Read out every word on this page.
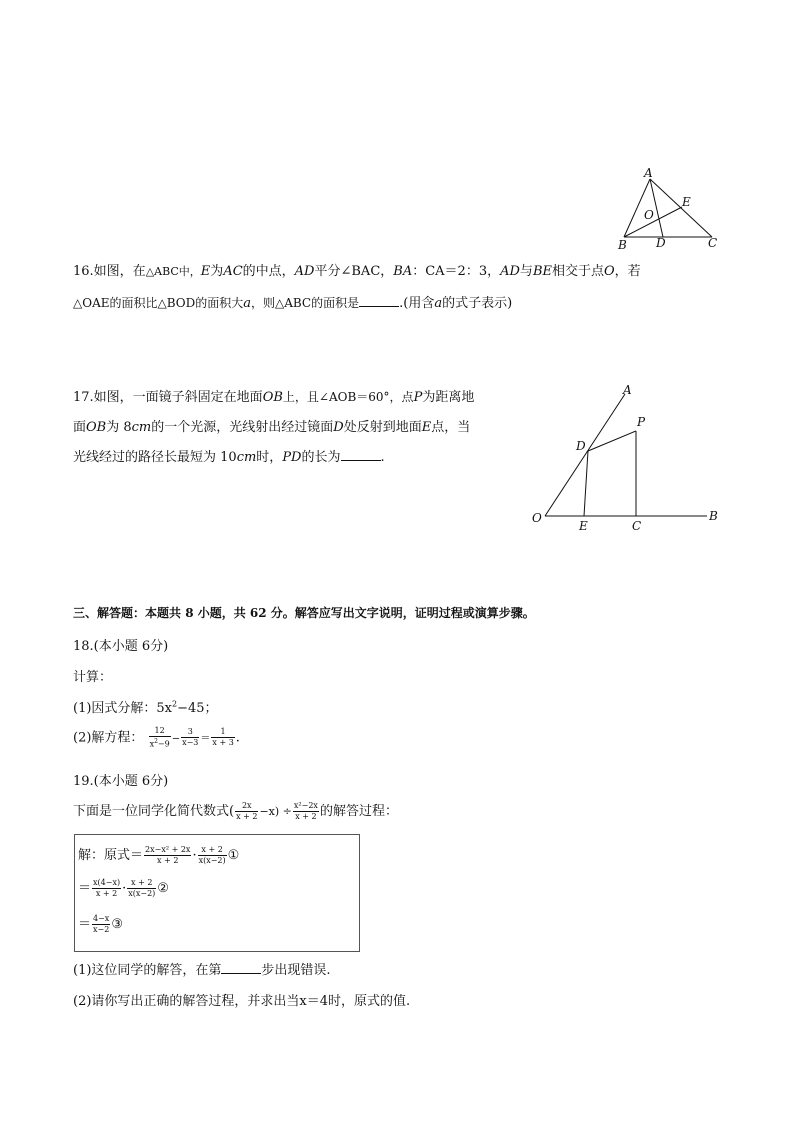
A
E
O
B D	C
16.如图，在△ABC中，E为AC的中点，AD平分∠BAC，BA：CA＝2：3，AD与BE相交于点O，若
△OAE的面积比△BOD的面积大a，则△ABC的面积是	.(用含a的式子表示)
17.如图，一面镜子斜固定在地面OB上，且∠AOB＝60°，点P为距离地
面OB为 8cm的一个光源，光线射出经过镜面D处反射到地面E点，当
光线经过的路径长最短为 10cm时，PD的长为	.
A
P
D
O
E	C
B
三、解答题：本题共 8 小题，共 62 分。解答应写出文字说明，证明过程或演算步骤。
18.(本小题 6分)
计算：
(1)因式分解：$5x^2-45$；
(2)解方程： $\frac{12}{x^2-9} - \frac{3}{x-3} = \frac{1}{x + 3}$ .
19.(本小题 6分)
下面是一位同学化简代数式( $\frac{2x}{x + 2} -x) \div \frac{\text{x²−2x}}{x + 2}$ 的解答过程：
解：原式＝ $\frac{\text{2x−x² + 2x}}{x + 2} \cdot \frac{x + 2}{x(x-2)}$ ①
＝ $\frac{x(4-x)}{x + 2} \cdot \frac{x + 2}{x(x-2)}$ ②
＝ $\frac{4-x}{x-2}$ ③
(1)这位同学的解答，在第	步出现错误.
(2)请你写出正确的解答过程，并求出当x＝4时，原式的值.
